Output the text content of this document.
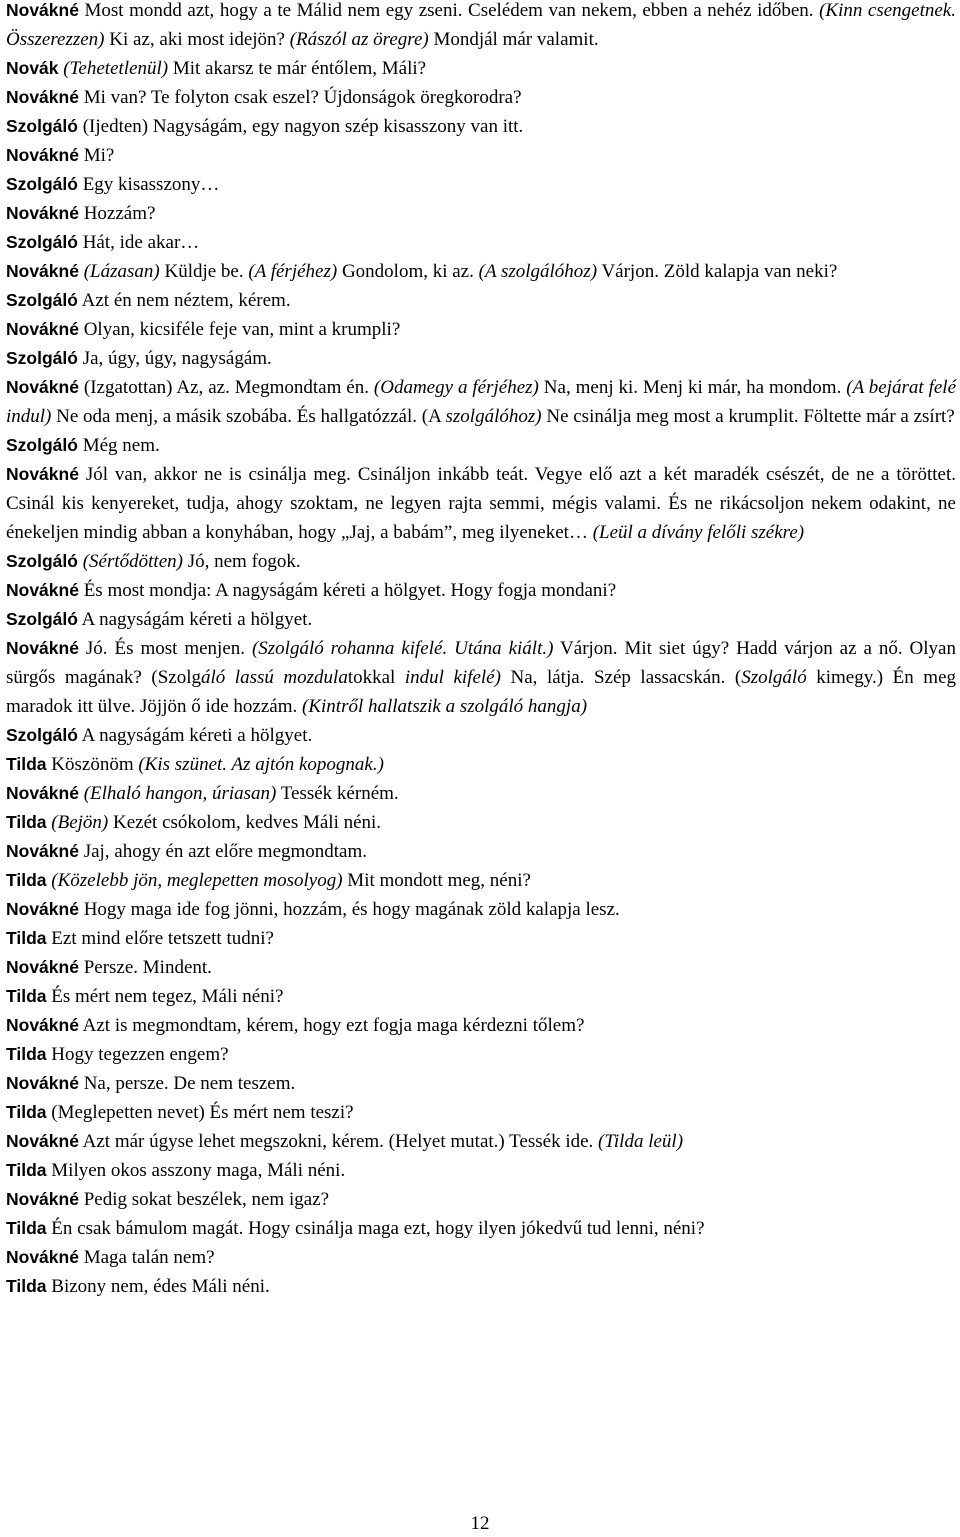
Novákné Most mondd azt, hogy a te Málid nem egy zseni. Cselédem van nekem, ebben a nehéz időben. (Kinn csengetnek. Összerezzen) Ki az, aki most idejön? (Rászól az öregre) Mondjál már valamit.

Novák (Tehetetlenül) Mit akarsz te már éntőlem, Máli?

Novákné Mi van? Te folyton csak eszel? Újdonságok öregkorodra?

Szolgáló (Ijedten) Nagyságám, egy nagyon szép kisasszony van itt.

Novákné Mi?

Szolgáló Egy kisasszony…

Novákné Hozzám?

Szolgáló Hát, ide akar…

Novákné (Lázasan) Küldje be. (A férjéhez) Gondolom, ki az. (A szolgálóhoz) Várjon. Zöld kalapja van neki?

Szolgáló Azt én nem néztem, kérem.

Novákné Olyan, kicsiféle feje van, mint a krumpli?

Szolgáló Ja, úgy, úgy, nagyságám.

Novákné (Izgatottan) Az, az. Megmondtam én. (Odamegy a férjéhez) Na, menj ki. Menj ki már, ha mondom. (A bejárat felé indul) Ne oda menj, a másik szobába. És hallgatózzál. (A szolgálóhoz) Ne csinálja meg most a krumplit. Föltette már a zsírt?

Szolgáló Még nem.

Novákné Jól van, akkor ne is csinálja meg. Csináljon inkább teát. Vegye elő azt a két maradék csészét, de ne a töröttet. Csinál kis kenyereket, tudja, ahogy szoktam, ne legyen rajta semmi, mégis valami. És ne rikácsoljon nekem odakint, ne énekeljen mindig abban a konyhában, hogy „Jaj, a babám”, meg ilyeneket… (Leül a dívány felőli székre)

Szolgáló (Sértődötten) Jó, nem fogok.

Novákné És most mondja: A nagyságám kéreti a hölgyet. Hogy fogja mondani?

Szolgáló A nagyságám kéreti a hölgyet.

Novákné Jó. És most menjen. (Szolgáló rohanna kifelé. Utána kiált.) Várjon. Mit siet úgy? Hadd várjon az a nő. Olyan sürgős magának? (Szolgáló lassú mozdulatokkal indul kifelé) Na, látja. Szép lassacskán. (Szolgáló kimegy.) Én meg maradok itt ülve. Jöjjön ő ide hozzám. (Kintről hallatszik a szolgáló hangja)

Szolgáló A nagyságám kéreti a hölgyet.

Tilda Köszönöm (Kis szünet. Az ajtón kopognak.)

Novákné (Elhaló hangon, úriasan) Tessék kérném.

Tilda (Bejön) Kezét csókolom, kedves Máli néni.

Novákné Jaj, ahogy én azt előre megmondtam.

Tilda (Közelebb jön, meglepetten mosolyog) Mit mondott meg, néni?

Novákné Hogy maga ide fog jönni, hozzám, és hogy magának zöld kalapja lesz.

Tilda Ezt mind előre tetszett tudni?

Novákné Persze. Mindent.

Tilda És mért nem tegez, Máli néni?

Novákné Azt is megmondtam, kérem, hogy ezt fogja maga kérdezni tőlem?

Tilda Hogy tegezzen engem?

Novákné Na, persze. De nem teszem.

Tilda (Meglepetten nevet) És mért nem teszi?

Novákné Azt már úgyse lehet megszokni, kérem. (Helyet mutat.) Tessék ide. (Tilda leül)

Tilda Milyen okos asszony maga, Máli néni.

Novákné Pedig sokat beszélek, nem igaz?

Tilda Én csak bámulom magát. Hogy csinálja maga ezt, hogy ilyen jókedvű tud lenni, néni?

Novákné Maga talán nem?

Tilda Bizony nem, édes Máli néni.

12
